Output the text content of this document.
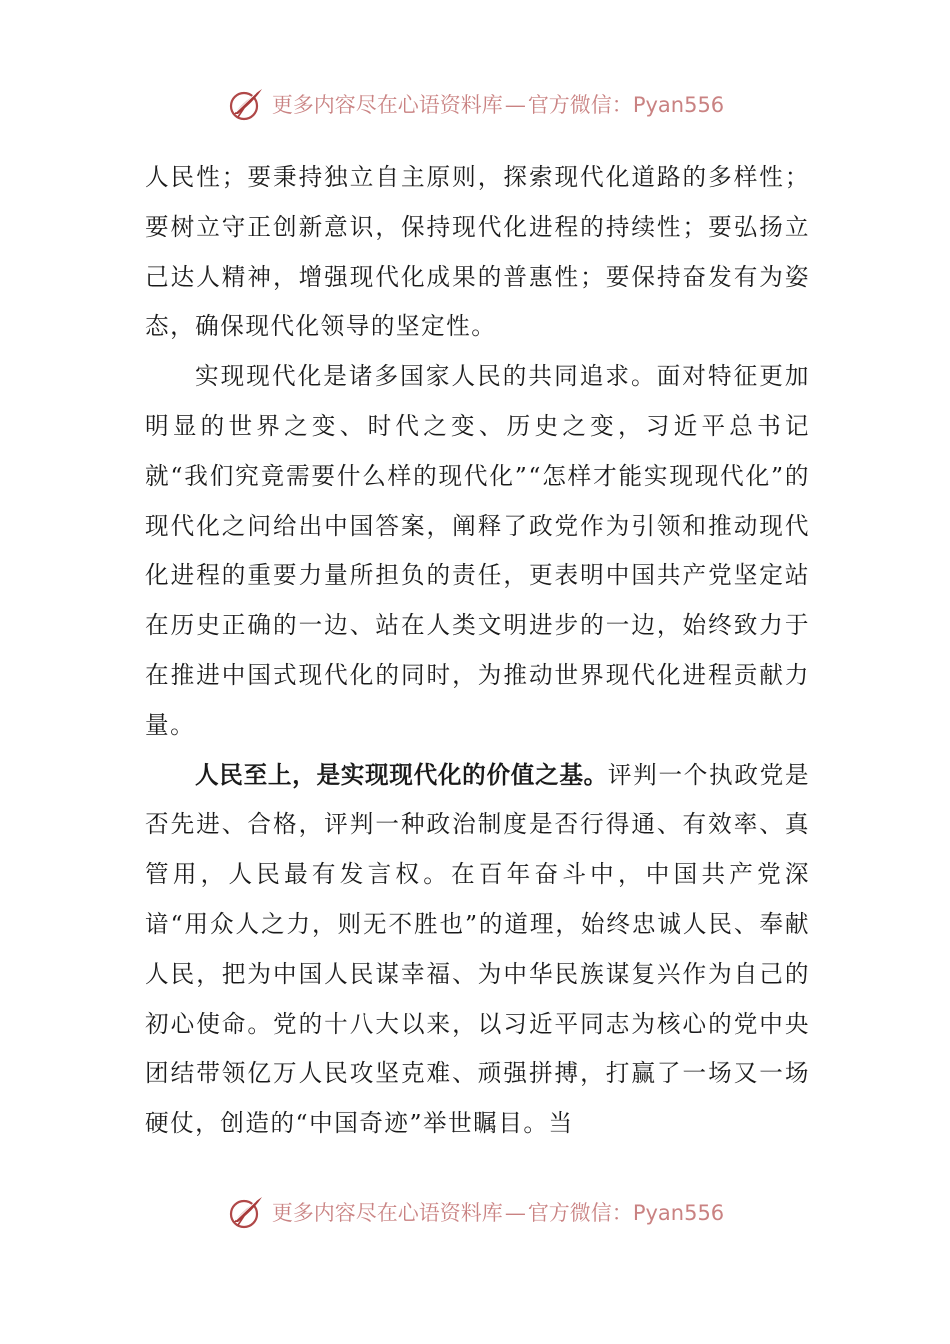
更多内容尽在心语资料库—官方微信：Pyan556

人民性；要秉持独立自主原则，探索现代化道路的多样性；要树立守正创新意识，保持现代化进程的持续性；要弘扬立己达人精神，增强现代化成果的普惠性；要保持奋发有为姿态，确保现代化领导的坚定性。

实现现代化是诸多国家人民的共同追求。面对特征更加明显的世界之变、时代之变、历史之变，习近平总书记就“我们究竟需要什么样的现代化”“怎样才能实现现代化”的现代化之问给出中国答案，阐释了政党作为引领和推动现代化进程的重要力量所担负的责任，更表明中国共产党坚定站在历史正确的一边、站在人类文明进步的一边，始终致力于在推进中国式现代化的同时，为推动世界现代化进程贡献力量。

人民至上，是实现现代化的价值之基。评判一个执政党是否先进、合格，评判一种政治制度是否行得通、有效率、真管用，人民最有发言权。在百年奋斗中，中国共产党深谙“用众人之力，则无不胜也”的道理，始终忠诚人民、奉献人民，把为中国人民谋幸福、为中华民族谋复兴作为自己的初心使命。党的十八大以来，以习近平同志为核心的党中央团结带领亿万人民攻坚克难、顽强拼搏，打赢了一场又一场硬仗，创造的“中国奇迹”举世瞩目。当

更多内容尽在心语资料库—官方微信：Pyan556
